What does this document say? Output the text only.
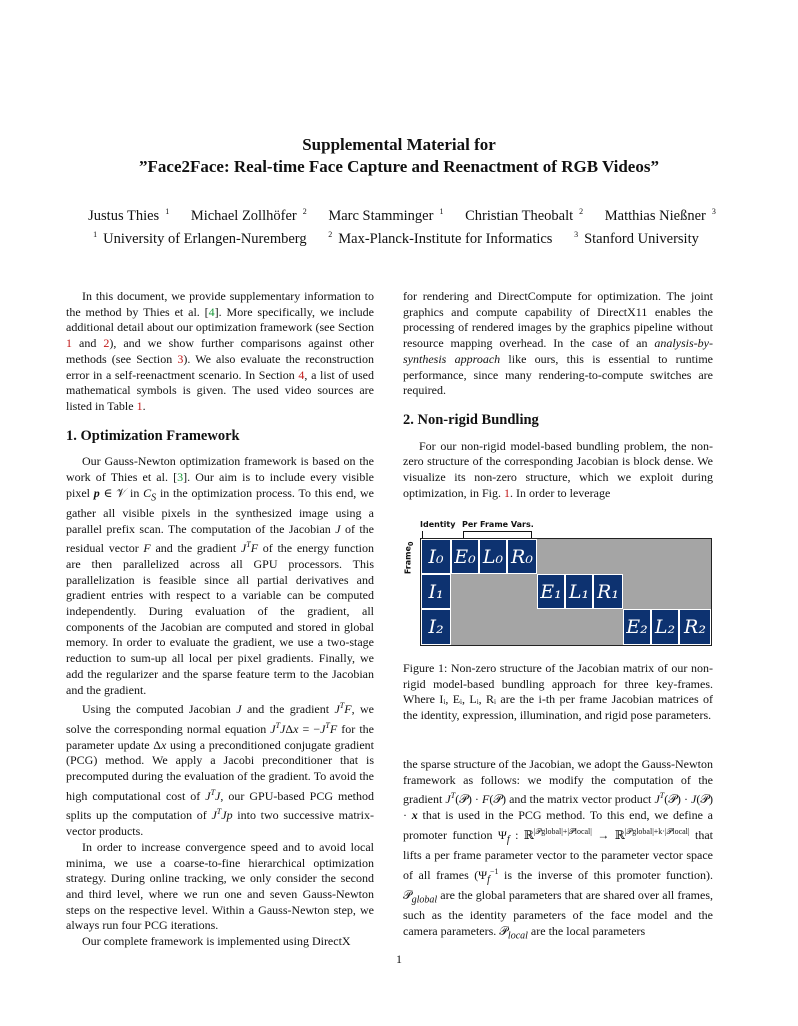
Supplemental Material for
”Face2Face: Real-time Face Capture and Reenactment of RGB Videos”
Justus Thies $^1$ Michael Zollhöfer $^2$ Marc Stamminger $^1$ Christian Theobalt $^2$ Matthias Nießner $^3$
$^1$ University of Erlangen-Nuremberg	$^2$ Max-Planck-Institute for Informatics	$^3$ Stanford University

In this document, we provide supplementary information to the method by Thies et al. [4]. More specifically, we include additional detail about our optimization framework (see Section 1 and 2), and we show further comparisons against other methods (see Section 3). We also evaluate the reconstruction error in a self-reenactment scenario. In Section 4, a list of used mathematical symbols is given. The used video sources are listed in Table 1.

1. Optimization Framework

Our Gauss-Newton optimization framework is based on the work of Thies et al. [3]. Our aim is to include every visible pixel p ∈ 𝒱 in $C_S$ in the optimization process. To this end, we gather all visible pixels in the synthesized image using a parallel prefix scan. The computation of the Jacobian J of the residual vector F and the gradient $J^TF$ of the energy function are then parallelized across all GPU processors. This parallelization is feasible since all partial derivatives and gradient entries with respect to a variable can be computed independently. During evaluation of the gradient, all components of the Jacobian are computed and stored in global memory. In order to evaluate the gradient, we use a two-stage reduction to sum-up all local per pixel gradients. Finally, we add the regularizer and the sparse feature term to the Jacobian and the gradient.

Using the computed Jacobian J and the gradient $J^TF$, we solve the corresponding normal equation $J^TJ\Delta x = -J^TF$ for the parameter update Δx using a preconditioned conjugate gradient (PCG) method. We apply a Jacobi preconditioner that is precomputed during the evaluation of the gradient. To avoid the high computational cost of $J^TJ$, our GPU-based PCG method splits up the computation of $J^TJp$ into two successive matrix-vector products.

In order to increase convergence speed and to avoid local minima, we use a coarse-to-fine hierarchical optimization strategy. During online tracking, we only consider the second and third level, where we run one and seven Gauss-Newton steps on the respective level. Within a Gauss-Newton step, we always run four PCG iterations.

Our complete framework is implemented using DirectX

for rendering and DirectCompute for optimization. The joint graphics and compute capability of DirectX11 enables the processing of rendered images by the graphics pipeline without resource mapping overhead. In the case of an analysis-by-synthesis approach like ours, this is essential to runtime performance, since many rendering-to-compute switches are required.

2. Non-rigid Bundling

For our non-rigid model-based bundling problem, the non-zero structure of the corresponding Jacobian is block dense. We visualize its non-zero structure, which we exploit during optimization, in Fig. 1. In order to leverage

Identity Per Frame Vars.
Frame$_0$
I₀ E₀ L₀ R₀
I₁	E₁ L₁ R₁
I₂	E₂ L₂ R₂
Figure 1: Non-zero structure of the Jacobian matrix of our non-rigid model-based bundling approach for three key-frames. Where Iᵢ, Eᵢ, Lᵢ, Rᵢ are the i-th per frame Jacobian matrices of the identity, expression, illumination, and rigid pose parameters.

the sparse structure of the Jacobian, we adopt the Gauss-Newton framework as follows: we modify the computation of the gradient $J^T(𝒫)$ · F(𝒫) and the matrix vector product $J^T(𝒫)$ · J(𝒫) · x that is used in the PCG method. To this end, we define a promoter function $\Psi_f$ : ℝ$^{|𝒫global|+|𝒫local|}$ → ℝ$^{|𝒫global|+k\cdot|𝒫local|}$ that lifts a per frame parameter vector to the parameter vector space of all frames ($\Psi_f^{-1}$ is the inverse of this promoter function). 𝒫$_{global}$ are the global parameters that are shared over all frames, such as the identity parameters of the face model and the camera parameters. 𝒫$_{local}$ are the local parameters

1
